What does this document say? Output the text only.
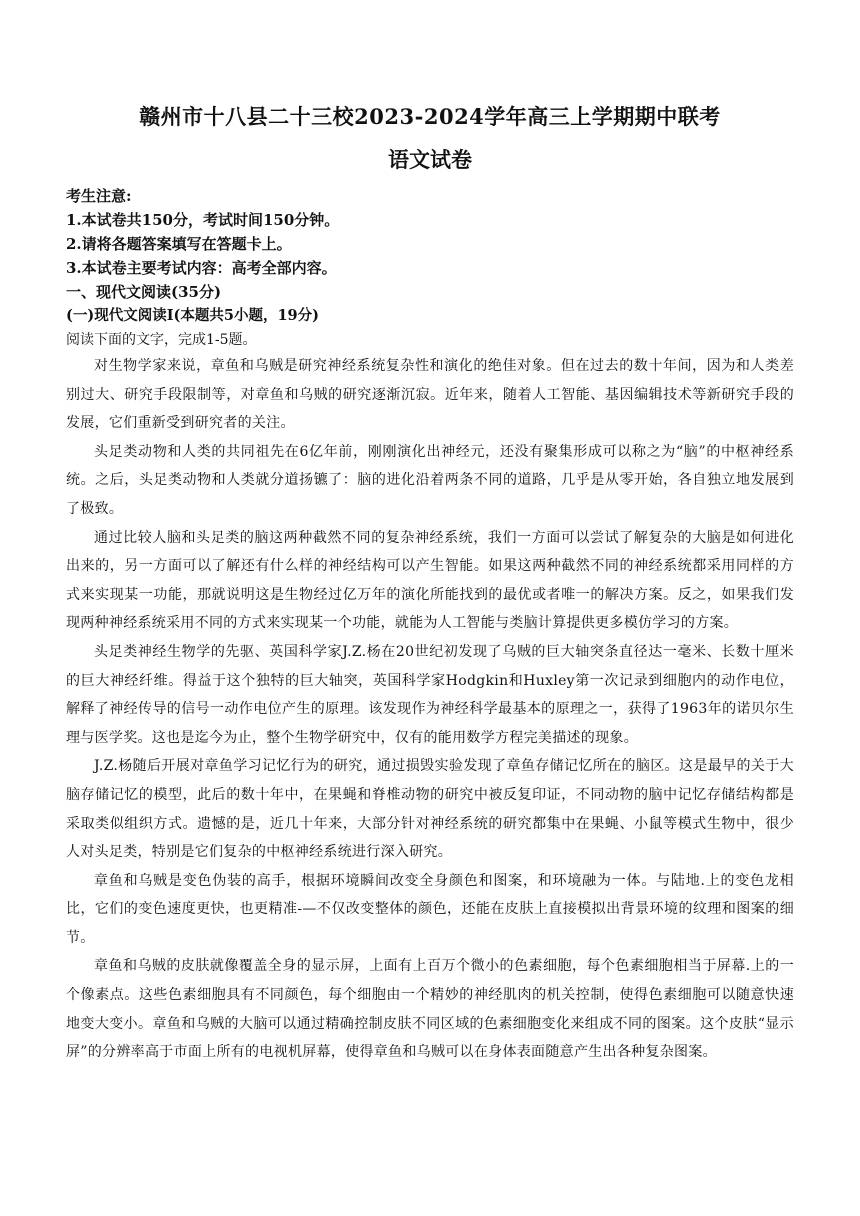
赣州市十八县二十三校2023-2024学年高三上学期期中联考
语文试卷

考生注意:

1.本试卷共150分，考试时间150分钟。

2.请将各题答案填写在答题卡上。

3.本试卷主要考试内容：高考全部内容。

一、现代文阅读(35分)

(一)现代文阅读I(本题共5小题，19分)

阅读下面的文字，完成1-5题。

对生物学家来说，章鱼和乌贼是研究神经系统复杂性和演化的绝佳对象。但在过去的数十年间，因为和人类差别过大、研究手段限制等，对章鱼和乌贼的研究逐渐沉寂。近年来，随着人工智能、基因编辑技术等新研究手段的发展，它们重新受到研究者的关注。

头足类动物和人类的共同祖先在6亿年前，刚刚演化出神经元，还没有聚集形成可以称之为“脑”的中枢神经系统。之后，头足类动物和人类就分道扬镳了：脑的进化沿着两条不同的道路，几乎是从零开始，各自独立地发展到了极致。

通过比较人脑和头足类的脑这两种截然不同的复杂神经系统，我们一方面可以尝试了解复杂的大脑是如何进化出来的，另一方面可以了解还有什么样的神经结构可以产生智能。如果这两种截然不同的神经系统都采用同样的方式来实现某一功能，那就说明这是生物经过亿万年的演化所能找到的最优或者唯一的解决方案。反之，如果我们发现两种神经系统采用不同的方式来实现某一个功能，就能为人工智能与类脑计算提供更多模仿学习的方案。

头足类神经生物学的先驱、英国科学家J.Z.杨在20世纪初发现了乌贼的巨大轴突条直径达一毫米、长数十厘米的巨大神经纤维。得益于这个独特的巨大轴突，英国科学家Hodgkin和Huxley第一次记录到细胞内的动作电位，解释了神经传导的信号一动作电位产生的原理。该发现作为神经科学最基本的原理之一，获得了1963年的诺贝尔生理与医学奖。这也是迄今为止，整个生物学研究中，仅有的能用数学方程完美描述的现象。

J.Z.杨随后开展对章鱼学习记忆行为的研究，通过损毁实验发现了章鱼存储记忆所在的脑区。这是最早的关于大脑存储记忆的模型，此后的数十年中，在果蝇和脊椎动物的研究中被反复印证，不同动物的脑中记忆存储结构都是采取类似组织方式。遗憾的是，近几十年来，大部分针对神经系统的研究都集中在果蝇、小鼠等模式生物中，很少人对头足类，特别是它们复杂的中枢神经系统进行深入研究。

章鱼和乌贼是变色伪装的高手，根据环境瞬间改变全身颜色和图案，和环境融为一体。与陆地.上的变色龙相比，它们的变色速度更快，也更精准-—不仅改变整体的颜色，还能在皮肤上直接模拟出背景环境的纹理和图案的细节。

章鱼和乌贼的皮肤就像覆盖全身的显示屏，上面有上百万个微小的色素细胞，每个色素细胞相当于屏幕.上的一个像素点。这些色素细胞具有不同颜色，每个细胞由一个精妙的神经肌肉的机关控制，使得色素细胞可以随意快速地变大变小。章鱼和乌贼的大脑可以通过精确控制皮肤不同区域的色素细胞变化来组成不同的图案。这个皮肤“显示屏”的分辨率高于市面上所有的电视机屏幕，使得章鱼和乌贼可以在身体表面随意产生出各种复杂图案。
